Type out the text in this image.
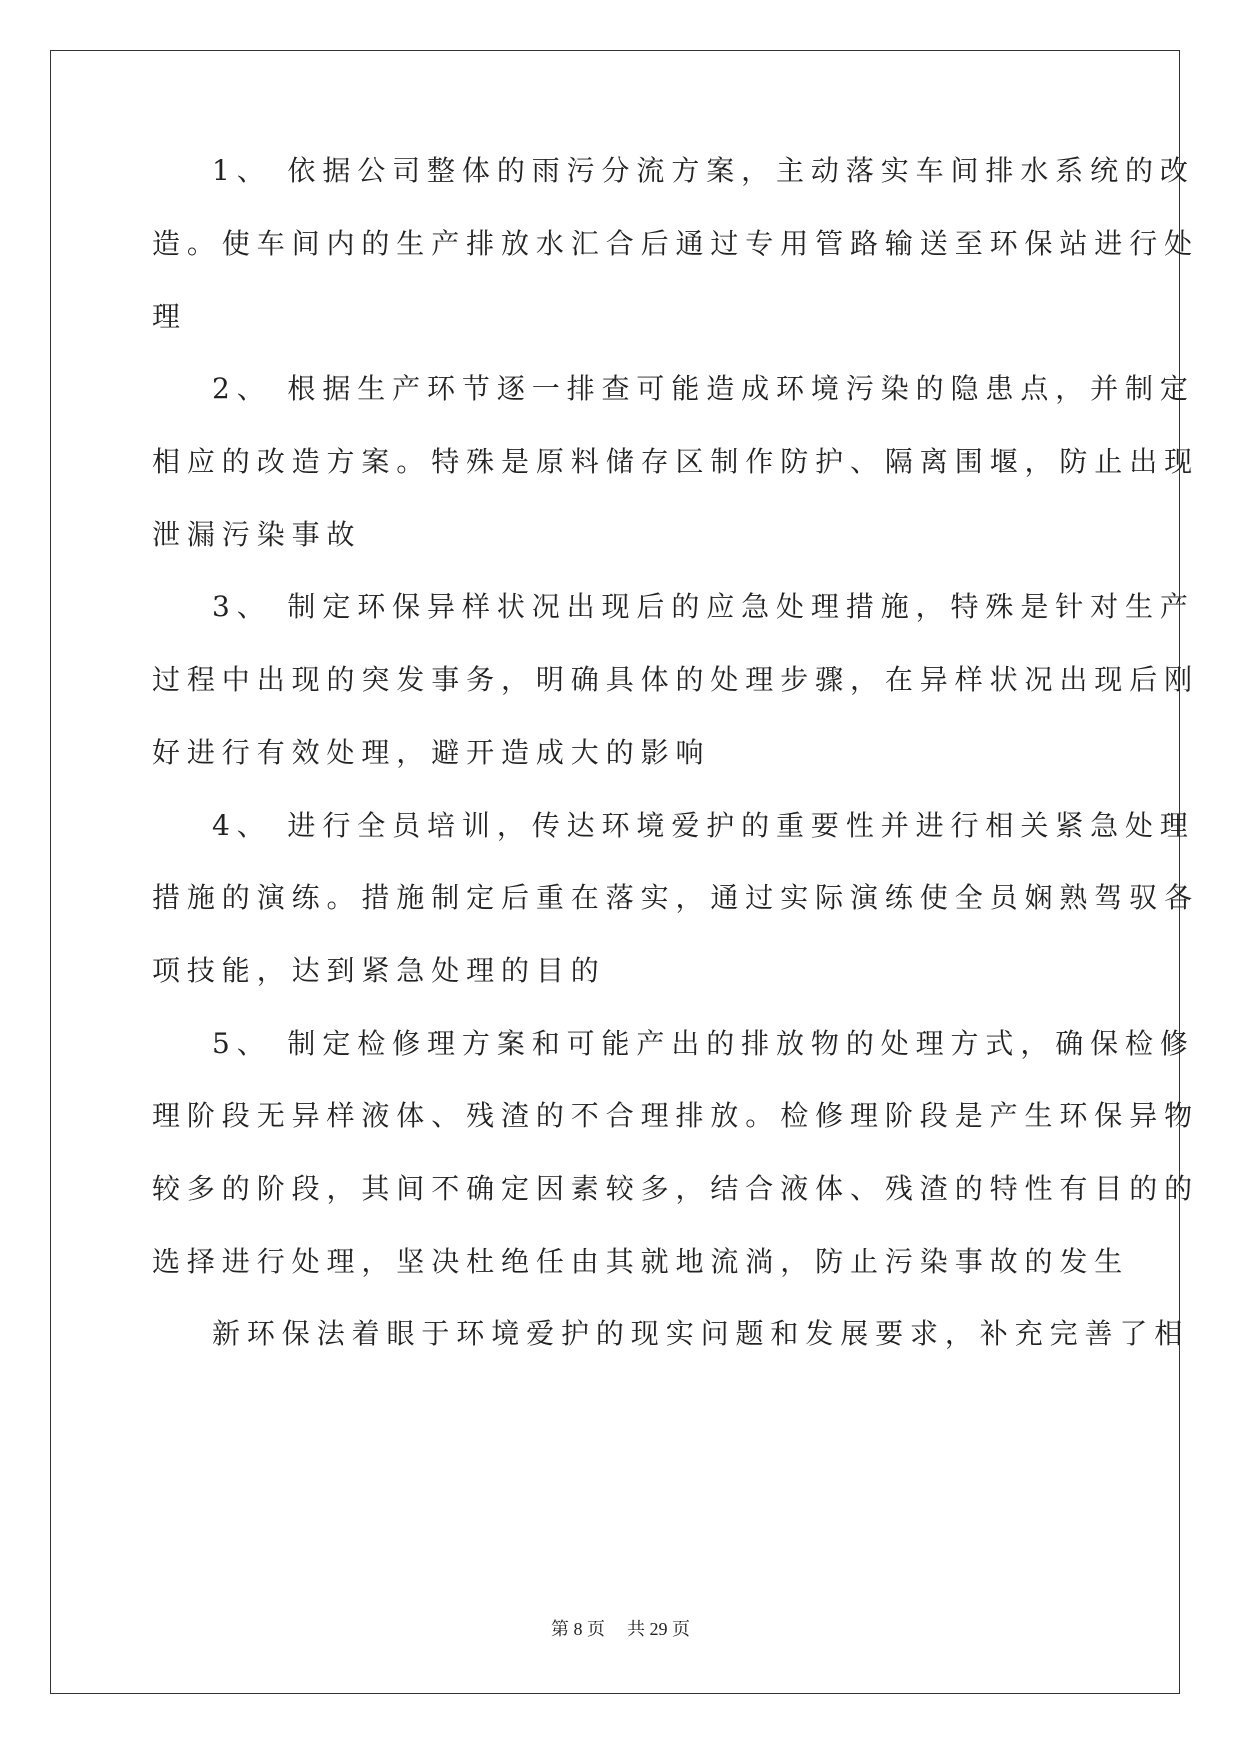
1、 依据公司整体的雨污分流方案，主动落实车间排水系统的改
造。使车间内的生产排放水汇合后通过专用管路输送至环保站进行处
理
2、 根据生产环节逐一排查可能造成环境污染的隐患点，并制定
相应的改造方案。特殊是原料储存区制作防护、隔离围堰，防止出现
泄漏污染事故
3、 制定环保异样状况出现后的应急处理措施，特殊是针对生产
过程中出现的突发事务，明确具体的处理步骤，在异样状况出现后刚
好进行有效处理，避开造成大的影响
4、 进行全员培训，传达环境爱护的重要性并进行相关紧急处理
措施的演练。措施制定后重在落实，通过实际演练使全员娴熟驾驭各
项技能，达到紧急处理的目的
5、 制定检修理方案和可能产出的排放物的处理方式，确保检修
理阶段无异样液体、残渣的不合理排放。检修理阶段是产生环保异物
较多的阶段，其间不确定因素较多，结合液体、残渣的特性有目的的
选择进行处理，坚决杜绝任由其就地流淌，防止污染事故的发生
新环保法着眼于环境爱护的现实问题和发展要求，补充完善了相
第 8 页 共 29 页
